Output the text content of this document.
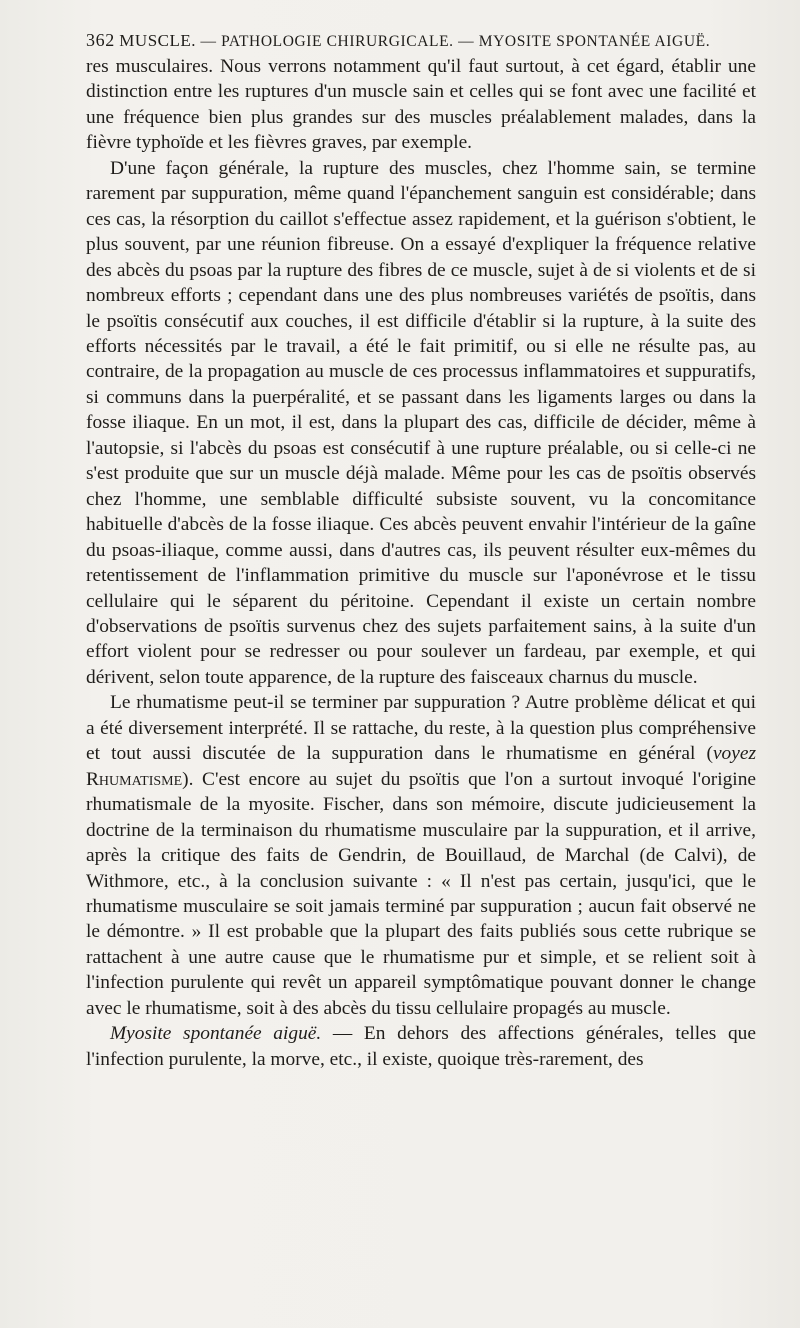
362 MUSCLE. — PATHOLOGIE CHIRURGICALE. — MYOSITE SPONTANÉE AIGUË.

res musculaires. Nous verrons notamment qu'il faut surtout, à cet égard, établir une distinction entre les ruptures d'un muscle sain et celles qui se font avec une facilité et une fréquence bien plus grandes sur des muscles préalablement malades, dans la fièvre typhoïde et les fièvres graves, par exemple.

D'une façon générale, la rupture des muscles, chez l'homme sain, se termine rarement par suppuration, même quand l'épanchement sanguin est considérable; dans ces cas, la résorption du caillot s'effectue assez rapidement, et la guérison s'obtient, le plus souvent, par une réunion fibreuse. On a essayé d'expliquer la fréquence relative des abcès du psoas par la rupture des fibres de ce muscle, sujet à de si violents et de si nombreux efforts ; cependant dans une des plus nombreuses variétés de psoïtis, dans le psoïtis consécutif aux couches, il est difficile d'établir si la rupture, à la suite des efforts nécessités par le travail, a été le fait primitif, ou si elle ne résulte pas, au contraire, de la propagation au muscle de ces processus inflammatoires et suppuratifs, si communs dans la puerpéralité, et se passant dans les ligaments larges ou dans la fosse iliaque. En un mot, il est, dans la plupart des cas, difficile de décider, même à l'autopsie, si l'abcès du psoas est consécutif à une rupture préalable, ou si celle-ci ne s'est produite que sur un muscle déjà malade. Même pour les cas de psoïtis observés chez l'homme, une semblable difficulté subsiste souvent, vu la concomitance habituelle d'abcès de la fosse iliaque. Ces abcès peuvent envahir l'intérieur de la gaîne du psoas-iliaque, comme aussi, dans d'autres cas, ils peuvent résulter eux-mêmes du retentissement de l'inflammation primitive du muscle sur l'aponévrose et le tissu cellulaire qui le séparent du péritoine. Cependant il existe un certain nombre d'observations de psoïtis survenus chez des sujets parfaitement sains, à la suite d'un effort violent pour se redresser ou pour soulever un fardeau, par exemple, et qui dérivent, selon toute apparence, de la rupture des faisceaux charnus du muscle.

Le rhumatisme peut-il se terminer par suppuration ? Autre problème délicat et qui a été diversement interprété. Il se rattache, du reste, à la question plus compréhensive et tout aussi discutée de la suppuration dans le rhumatisme en général (voyez Rhumatisme). C'est encore au sujet du psoïtis que l'on a surtout invoqué l'origine rhumatismale de la myosite. Fischer, dans son mémoire, discute judicieusement la doctrine de la terminaison du rhumatisme musculaire par la suppuration, et il arrive, après la critique des faits de Gendrin, de Bouillaud, de Marchal (de Calvi), de Withmore, etc., à la conclusion suivante : « Il n'est pas certain, jusqu'ici, que le rhumatisme musculaire se soit jamais terminé par suppuration ; aucun fait observé ne le démontre. » Il est probable que la plupart des faits publiés sous cette rubrique se rattachent à une autre cause que le rhumatisme pur et simple, et se relient soit à l'infection purulente qui revêt un appareil symptômatique pouvant donner le change avec le rhumatisme, soit à des abcès du tissu cellulaire propagés au muscle.

Myosite spontanée aiguë. — En dehors des affections générales, telles que l'infection purulente, la morve, etc., il existe, quoique très-rarement, des
